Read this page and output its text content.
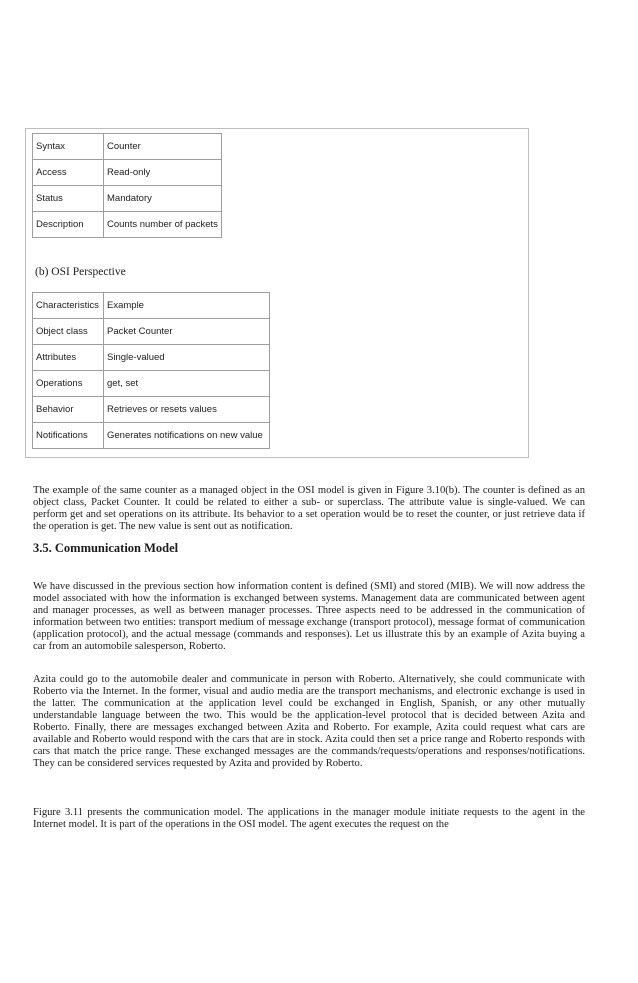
Syntax	Counter
Access	Read-only
Status	Mandatory
Description	Counts number of packets
(b) OSI Perspective
Characteristics	Example
Object class	Packet Counter
Attributes	Single-valued
Operations	get, set
Behavior	Retrieves or resets values
Notifications	Generates notifications on new value

The example of the same counter as a managed object in the OSI model is given in Figure 3.10(b). The counter is defined as an object class, Packet Counter. It could be related to either a sub- or superclass. The attribute value is single-valued. We can perform get and set operations on its attribute. Its behavior to a set operation would be to reset the counter, or just retrieve data if the operation is get. The new value is sent out as notification.

3.5. Communication Model

We have discussed in the previous section how information content is defined (SMI) and stored (MIB). We will now address the model associated with how the information is exchanged between systems. Management data are communicated between agent and manager processes, as well as between manager processes. Three aspects need to be addressed in the communication of information between two entities: transport medium of message exchange (transport protocol), message format of communication (application protocol), and the actual message (commands and responses). Let us illustrate this by an example of Azita buying a car from an automobile salesperson, Roberto.

Azita could go to the automobile dealer and communicate in person with Roberto. Alternatively, she could communicate with Roberto via the Internet. In the former, visual and audio media are the transport mechanisms, and electronic exchange is used in the latter. The communication at the application level could be exchanged in English, Spanish, or any other mutually understandable language between the two. This would be the application-level protocol that is decided between Azita and Roberto. Finally, there are messages exchanged between Azita and Roberto. For example, Azita could request what cars are available and Roberto would respond with the cars that are in stock. Azita could then set a price range and Roberto responds with cars that match the price range. These exchanged messages are the commands/requests/operations and responses/notifications. They can be considered services requested by Azita and provided by Roberto.

Figure 3.11 presents the communication model. The applications in the manager module initiate requests to the agent in the Internet model. It is part of the operations in the OSI model. The agent executes the request on the
